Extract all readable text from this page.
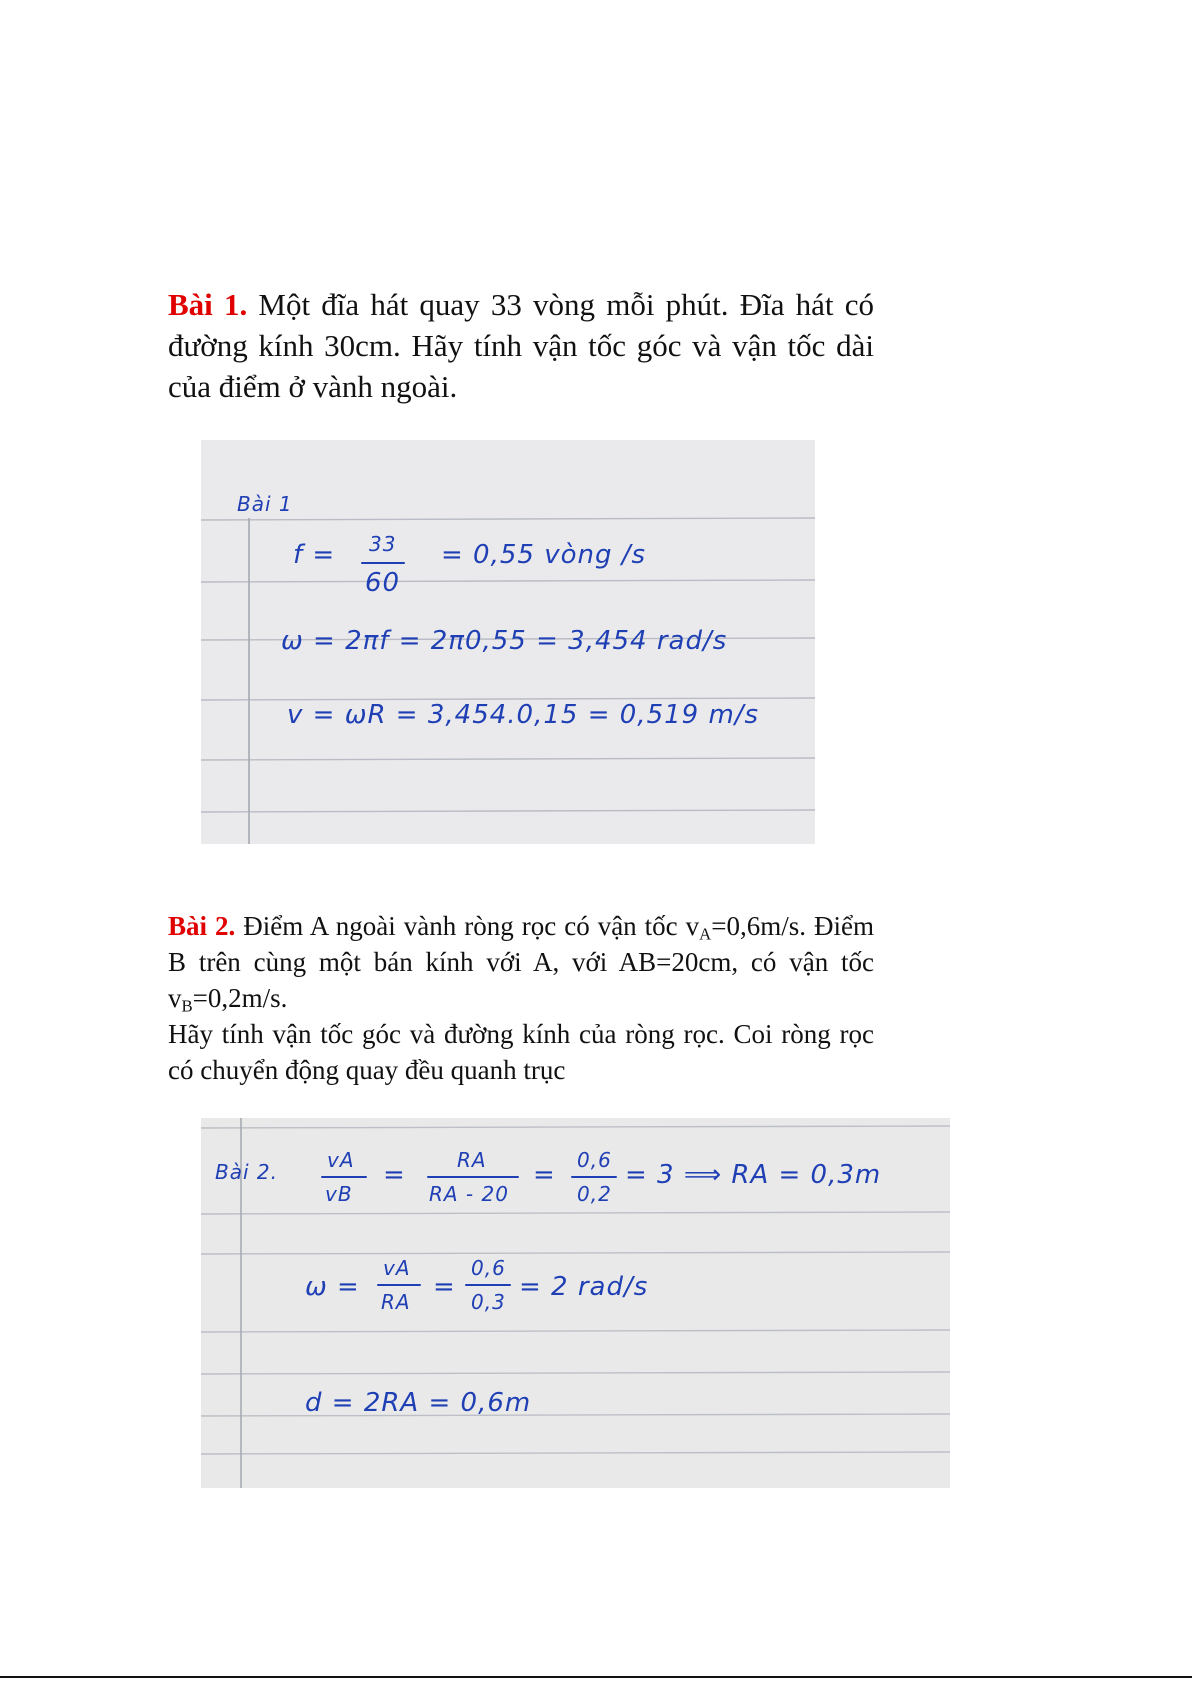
Bài 1. Một đĩa hát quay 33 vòng mỗi phút. Đĩa hát có đường kính 30cm. Hãy tính vận tốc góc và vận tốc dài của điểm ở vành ngoài.
Bài 1
f = 33
60
= 0,55 vòng /s
ω = 2πf = 2π0,55 = 3,454 rad/s
v = ωR = 3,454.0,15 = 0,519 m/s
Bài 2. Điểm A ngoài vành ròng rọc có vận tốc $v_A=0,6m/s$. Điểm B trên cùng một bán kính với A, với AB=20cm, có vận tốc $v_B=0,2m/s$.
Hãy tính vận tốc góc và đường kính của ròng rọc. Coi ròng rọc có chuyển động quay đều quanh trục
Bài 2. vA
vB
=	RA
RA - 20
= 0,6
0,2
= 3 ⟹ RA = 0,3m
ω =
vA
RA =
0,6
0,3 = 2 rad/s
d = 2RA = 0,6m
